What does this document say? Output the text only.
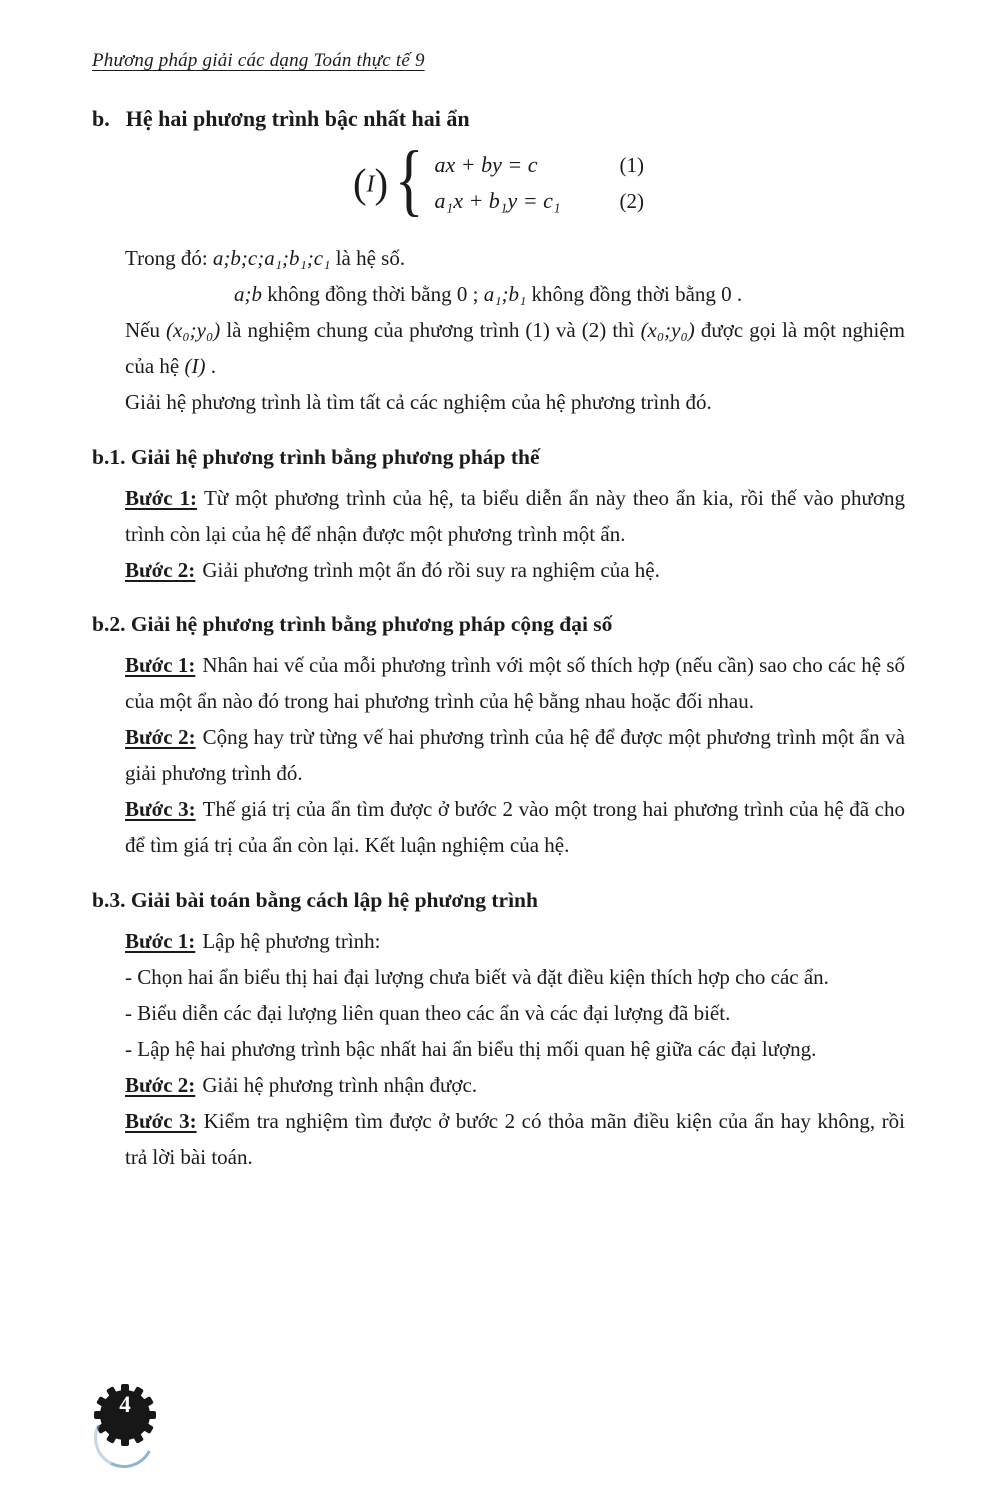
Phương pháp giải các dạng Toán thực tế 9
b. Hệ hai phương trình bậc nhất hai ẩn
(I) { ax + by = c	(1)
a₁x + b₁y = c₁	(2)

Trong đó: a;b;c;a₁;b₁;c₁ là hệ số.

a;b không đồng thời bằng 0 ; a₁;b₁ không đồng thời bằng 0 .

Nếu (x₀;y₀) là nghiệm chung của phương trình (1) và (2) thì (x₀;y₀) được gọi là một nghiệm của hệ (I) .

Giải hệ phương trình là tìm tất cả các nghiệm của hệ phương trình đó.

b.1. Giải hệ phương trình bằng phương pháp thế

Bước 1: Từ một phương trình của hệ, ta biểu diễn ẩn này theo ẩn kia, rồi thế vào phương trình còn lại của hệ để nhận được một phương trình một ẩn.

Bước 2: Giải phương trình một ẩn đó rồi suy ra nghiệm của hệ.

b.2. Giải hệ phương trình bằng phương pháp cộng đại số

Bước 1: Nhân hai vế của mỗi phương trình với một số thích hợp (nếu cần) sao cho các hệ số của một ẩn nào đó trong hai phương trình của hệ bằng nhau hoặc đối nhau.

Bước 2: Cộng hay trừ từng vế hai phương trình của hệ để được một phương trình một ẩn và giải phương trình đó.

Bước 3: Thế giá trị của ẩn tìm được ở bước 2 vào một trong hai phương trình của hệ đã cho để tìm giá trị của ẩn còn lại. Kết luận nghiệm của hệ.

b.3. Giải bài toán bằng cách lập hệ phương trình

Bước 1: Lập hệ phương trình:

- Chọn hai ẩn biểu thị hai đại lượng chưa biết và đặt điều kiện thích hợp cho các ẩn.

- Biểu diễn các đại lượng liên quan theo các ẩn và các đại lượng đã biết.

- Lập hệ hai phương trình bậc nhất hai ẩn biểu thị mối quan hệ giữa các đại lượng.

Bước 2: Giải hệ phương trình nhận được.

Bước 3: Kiểm tra nghiệm tìm được ở bước 2 có thỏa mãn điều kiện của ẩn hay không, rồi trả lời bài toán.

4
